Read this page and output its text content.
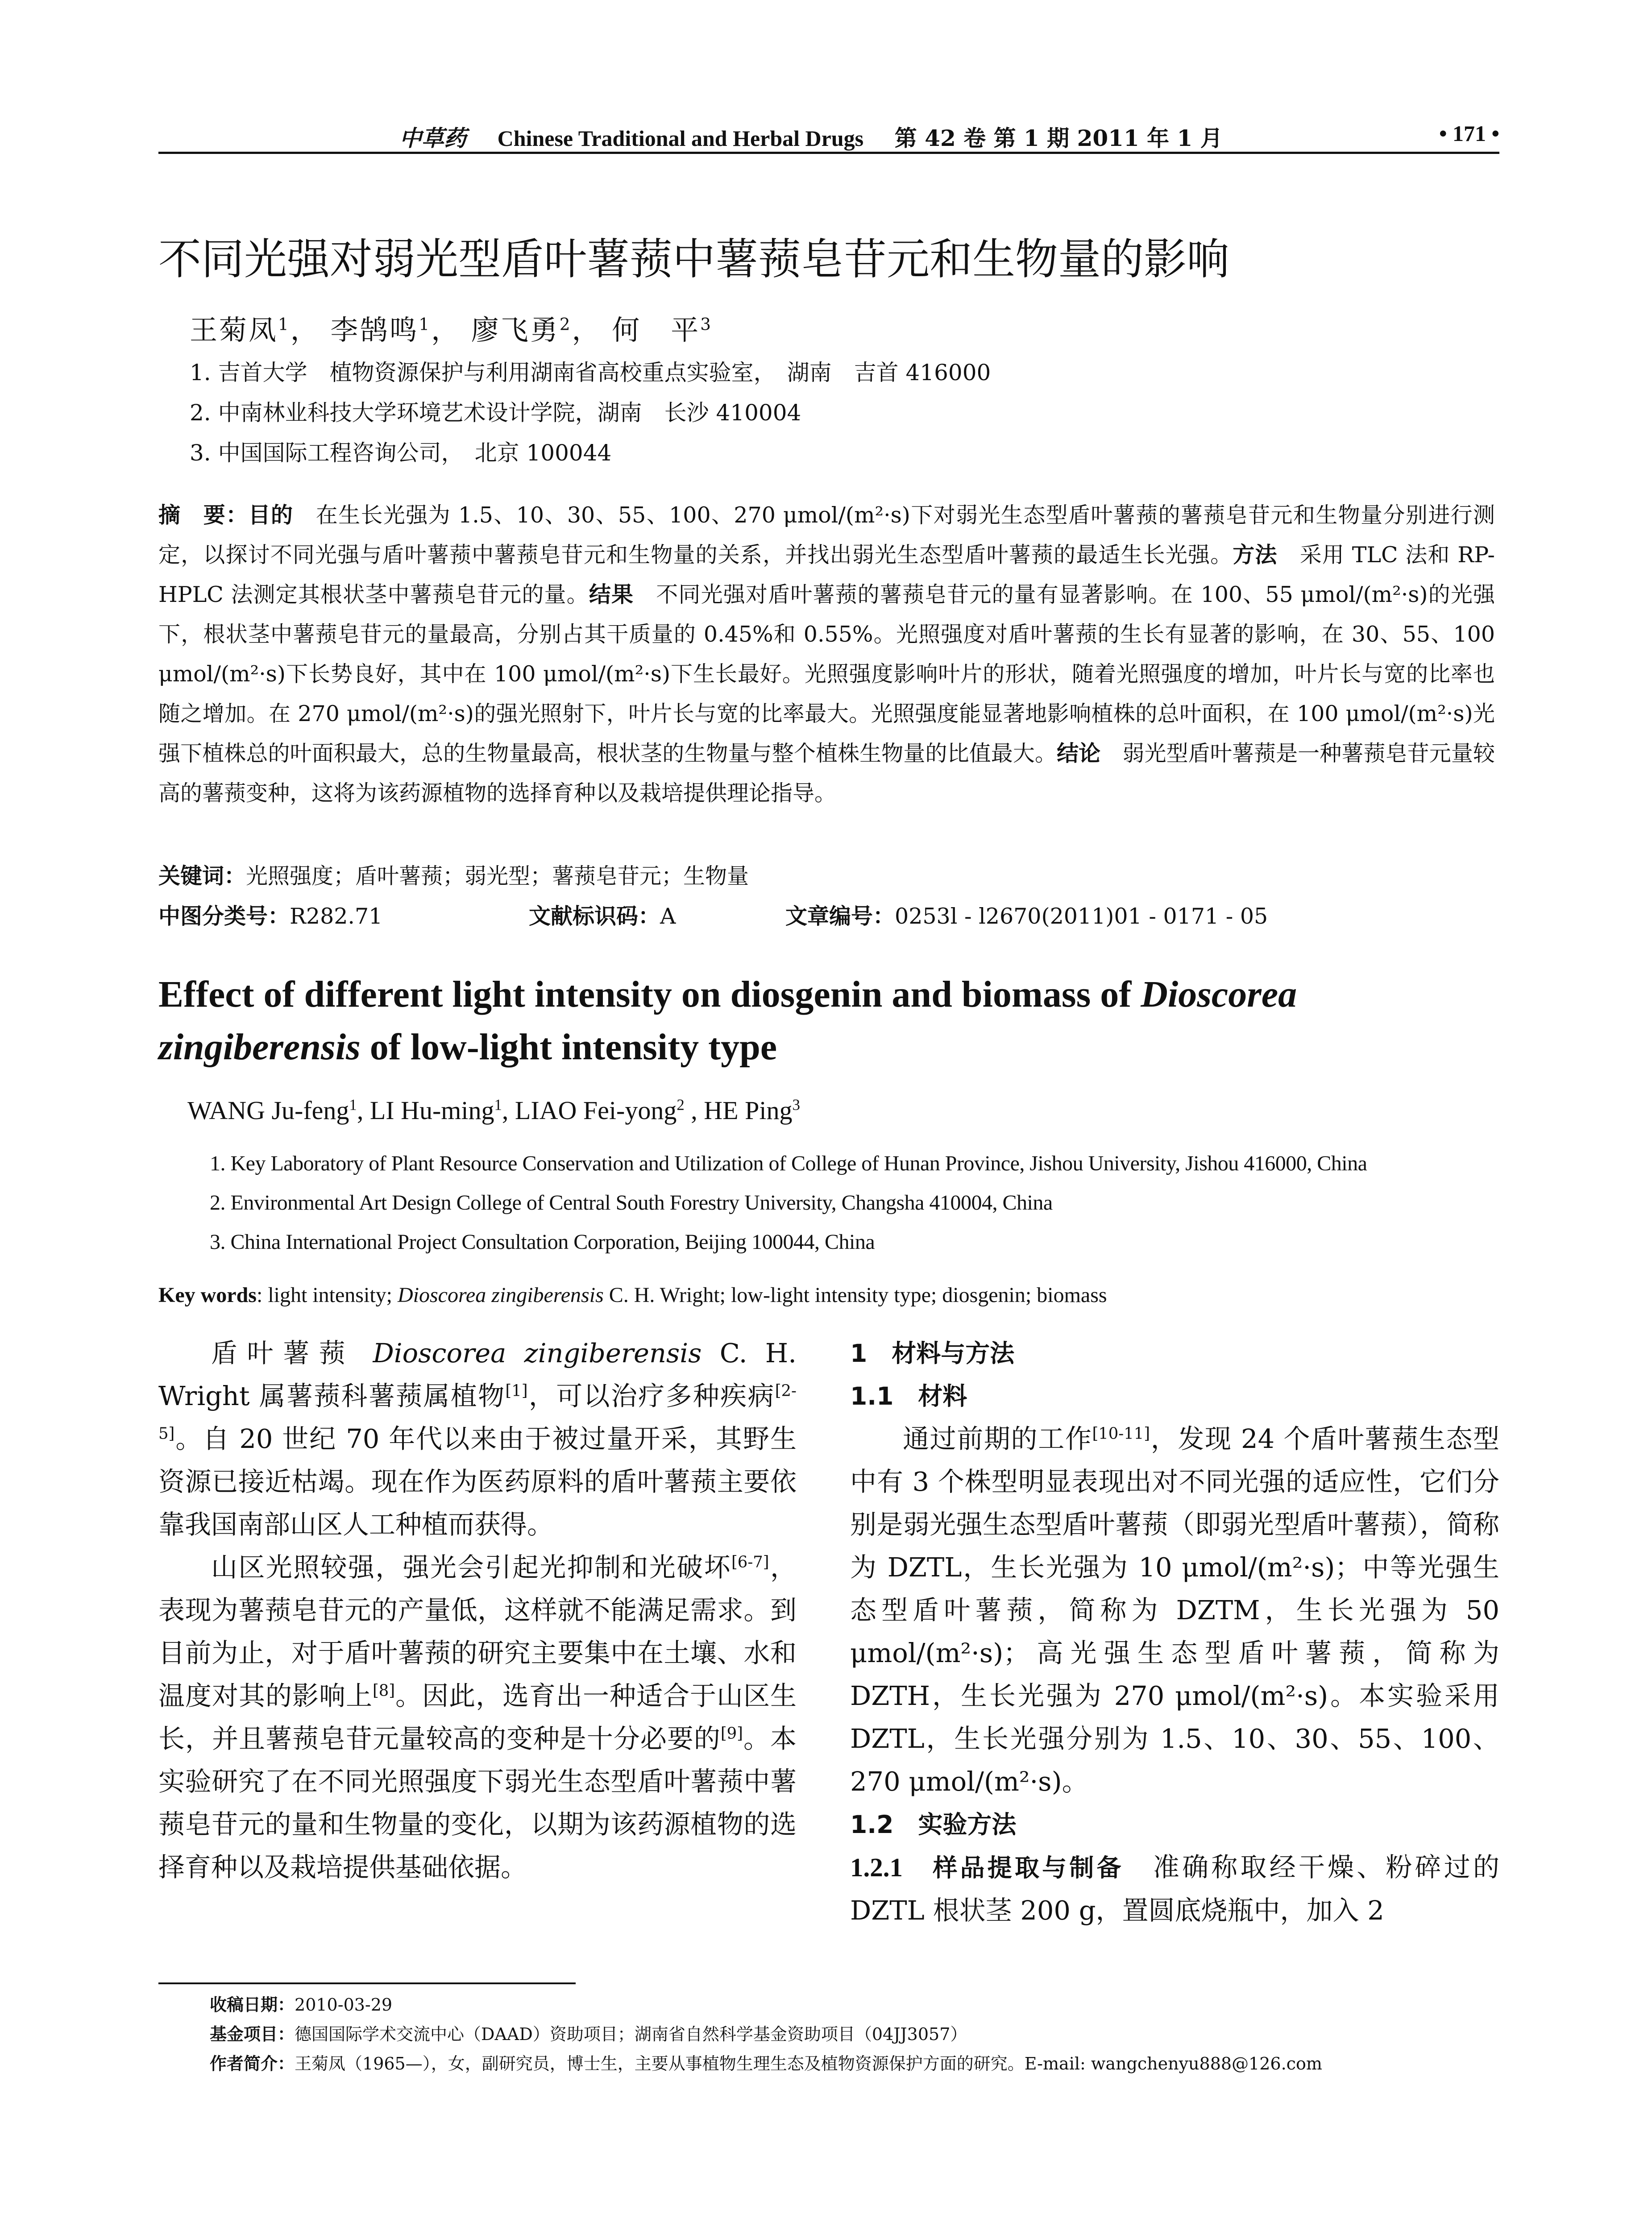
中草药 Chinese Traditional and Herbal Drugs 第 42 卷 第 1 期 2011 年 1 月	• 171 •
不同光强对弱光型盾叶薯蓣中薯蓣皂苷元和生物量的影响
王菊凤$^1$， 李鹄鸣$^1$， 廖飞勇$^2$， 何　平$^3$
1. 吉首大学　植物资源保护与利用湖南省高校重点实验室，　湖南　吉首 416000
2. 中南林业科技大学环境艺术设计学院，湖南　长沙 410004
3. 中国国际工程咨询公司，　北京 100044
摘　要：目的　在生长光强为 1.5、10、30、55、100、270 μmol/(m²·s)下对弱光生态型盾叶薯蓣的薯蓣皂苷元和生物量分别进行测定，以探讨不同光强与盾叶薯蓣中薯蓣皂苷元和生物量的关系，并找出弱光生态型盾叶薯蓣的最适生长光强。方法　采用 TLC 法和 RP-HPLC 法测定其根状茎中薯蓣皂苷元的量。结果　不同光强对盾叶薯蓣的薯蓣皂苷元的量有显著影响。在 100、55 μmol/(m²·s)的光强下，根状茎中薯蓣皂苷元的量最高，分别占其干质量的 0.45%和 0.55%。光照强度对盾叶薯蓣的生长有显著的影响，在 30、55、100 μmol/(m²·s)下长势良好，其中在 100 μmol/(m²·s)下生长最好。光照强度影响叶片的形状，随着光照强度的增加，叶片长与宽的比率也随之增加。在 270 μmol/(m²·s)的强光照射下，叶片长与宽的比率最大。光照强度能显著地影响植株的总叶面积，在 100 μmol/(m²·s)光强下植株总的叶面积最大，总的生物量最高，根状茎的生物量与整个植株生物量的比值最大。结论　弱光型盾叶薯蓣是一种薯蓣皂苷元量较高的薯蓣变种，这将为该药源植物的选择育种以及栽培提供理论指导。
关键词：光照强度；盾叶薯蓣；弱光型；薯蓣皂苷元；生物量
中图分类号：R282.71	文献标识码：A	文章编号：0253l - l2670(2011)01 - 0171 - 05
Effect of different light intensity on diosgenin and biomass of Dioscorea zingiberensis of low-light intensity type
WANG Ju-feng$^1$, LI Hu-ming$^1$, LIAO Fei-yong$^2$ , HE Ping$^3$
1. Key Laboratory of Plant Resource Conservation and Utilization of College of Hunan Province, Jishou University, Jishou 416000, China
2. Environmental Art Design College of Central South Forestry University, Changsha 410004, China
3. China International Project Consultation Corporation, Beijing 100044, China
Key words: light intensity; Dioscorea zingiberensis C. H. Wright; low-light intensity type; diosgenin; biomass

盾叶薯蓣 Dioscorea zingiberensis C. H. Wright 属薯蓣科薯蓣属植物[1]，可以治疗多种疾病[2-5]。自 20 世纪 70 年代以来由于被过量开采，其野生资源已接近枯竭。现在作为医药原料的盾叶薯蓣主要依靠我国南部山区人工种植而获得。

山区光照较强，强光会引起光抑制和光破坏[6-7]，表现为薯蓣皂苷元的产量低，这样就不能满足需求。到目前为止，对于盾叶薯蓣的研究主要集中在土壤、水和温度对其的影响上[8]。因此，选育出一种适合于山区生长，并且薯蓣皂苷元量较高的变种是十分必要的[9]。本实验研究了在不同光照强度下弱光生态型盾叶薯蓣中薯蓣皂苷元的量和生物量的变化，以期为该药源植物的选择育种以及栽培提供基础依据。

1　材料与方法

1.1　材料

通过前期的工作[10-11]，发现 24 个盾叶薯蓣生态型中有 3 个株型明显表现出对不同光强的适应性，它们分别是弱光强生态型盾叶薯蓣（即弱光型盾叶薯蓣），简称为 DZTL，生长光强为 10 μmol/(m²·s)；中等光强生态型盾叶薯蓣，简称为 DZTM，生长光强为 50 μmol/(m²·s)；高光强生态型盾叶薯蓣，简称为 DZTH，生长光强为 270 μmol/(m²·s)。本实验采用 DZTL，生长光强分别为 1.5、10、30、55、100、270 μmol/(m²·s)。

1.2　实验方法

1.2.1　样品提取与制备　准确称取经干燥、粉碎过的 DZTL 根状茎 200 g，置圆底烧瓶中，加入 2

收稿日期：2010-03-29
基金项目：德国国际学术交流中心（DAAD）资助项目；湖南省自然科学基金资助项目（04JJ3057）
作者简介：王菊凤（1965—），女，副研究员，博士生，主要从事植物生理生态及植物资源保护方面的研究。E-mail: wangchenyu888@126.com
